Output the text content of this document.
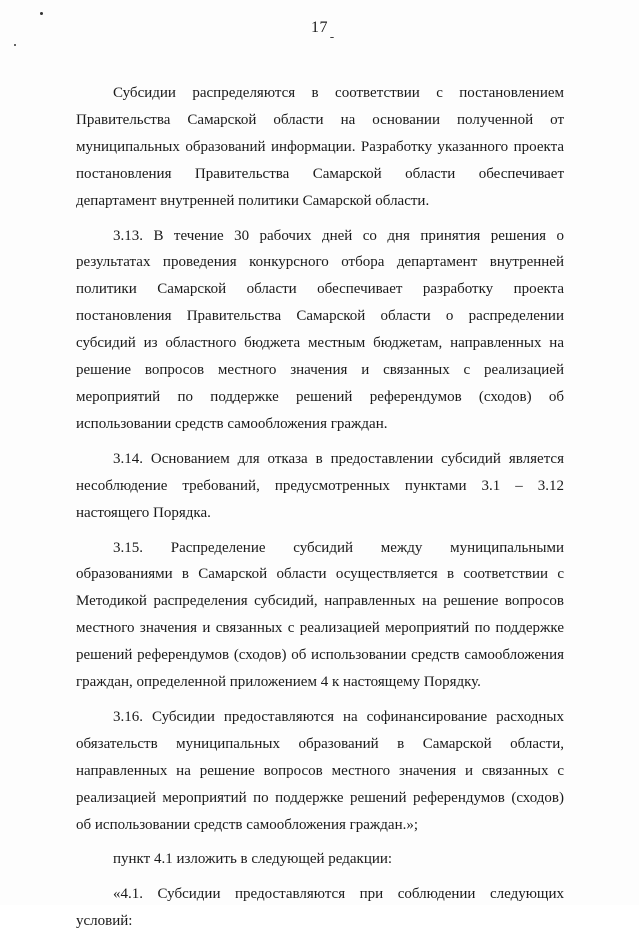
17

Субсидии распределяются в соответствии с постановлением Правительства Самарской области на основании полученной от муниципальных образований информации. Разработку указанного проекта постановления Правительства Самарской области обеспечивает департамент внутренней политики Самарской области.

3.13. В течение 30 рабочих дней со дня принятия решения о результатах проведения конкурсного отбора департамент внутренней политики Самарской области обеспечивает разработку проекта постановления Правительства Самарской области о распределении субсидий из областного бюджета местным бюджетам, направленных на решение вопросов местного значения и связанных с реализацией мероприятий по поддержке решений референдумов (сходов) об использовании средств самообложения граждан.

3.14. Основанием для отказа в предоставлении субсидий является несоблюдение требований, предусмотренных пунктами 3.1 – 3.12 настоящего Порядка.

3.15. Распределение субсидий между муниципальными образованиями в Самарской области осуществляется в соответствии с Методикой распределения субсидий, направленных на решение вопросов местного значения и связанных с реализацией мероприятий по поддержке решений референдумов (сходов) об использовании средств самообложения граждан, определенной приложением 4 к настоящему Порядку.

3.16. Субсидии предоставляются на софинансирование расходных обязательств муниципальных образований в Самарской области, направленных на решение вопросов местного значения и связанных с реализацией мероприятий по поддержке решений референдумов (сходов) об использовании средств самообложения граждан.»;

пункт 4.1 изложить в следующей редакции:

«4.1. Субсидии предоставляются при соблюдении следующих условий:
